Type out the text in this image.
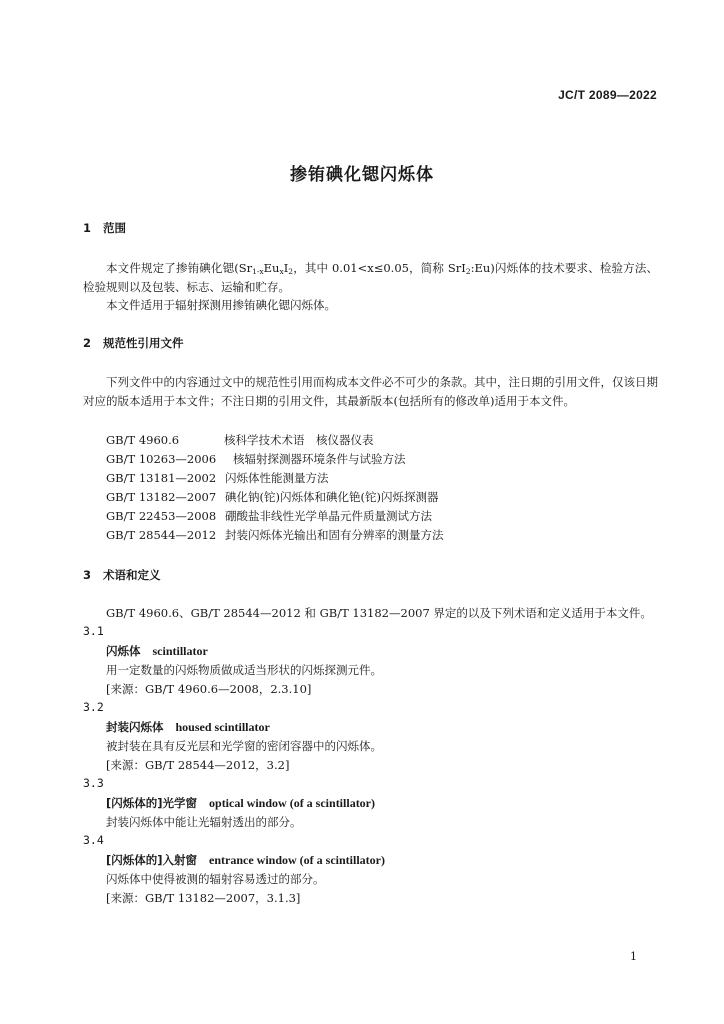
JC/T 2089—2022
掺铕碘化锶闪烁体
1 范围
本文件规定了掺铕碘化锶($Sr_{1-x}Eu_xI_2$，其中 0.01<x≤0.05，简称 SrI$_2$:Eu)闪烁体的技术要求、检验方法、检验规则以及包装、标志、运输和贮存。
本文件适用于辐射探测用掺铕碘化锶闪烁体。
2 规范性引用文件
下列文件中的内容通过文中的规范性引用而构成本文件必不可少的条款。其中，注日期的引用文件，仅该日期对应的版本适用于本文件；不注日期的引用文件，其最新版本(包括所有的修改单)适用于本文件。
GB/T 4960.6	核科学技术术语　核仪器仪表
GB/T 10263—2006 核辐射探测器环境条件与试验方法
GB/T 13181—2002 闪烁体性能测量方法
GB/T 13182—2007 碘化钠(铊)闪烁体和碘化铯(铊)闪烁探测器
GB/T 22453—2008 硼酸盐非线性光学单晶元件质量测试方法
GB/T 28544—2012 封装闪烁体光输出和固有分辨率的测量方法
3 术语和定义
GB/T 4960.6、GB/T 28544—2012 和 GB/T 13182—2007 界定的以及下列术语和定义适用于本文件。
3.1
闪烁体 scintillator
用一定数量的闪烁物质做成适当形状的闪烁探测元件。
[来源：GB/T 4960.6—2008，2.3.10]
3.2
封装闪烁体 housed scintillator
被封装在具有反光层和光学窗的密闭容器中的闪烁体。
[来源：GB/T 28544—2012，3.2]
3.3
[闪烁体的]光学窗 optical window (of a scintillator)
封装闪烁体中能让光辐射透出的部分。
3.4
[闪烁体的]入射窗 entrance window (of a scintillator)
闪烁体中使得被测的辐射容易透过的部分。
[来源：GB/T 13182—2007，3.1.3]
1
